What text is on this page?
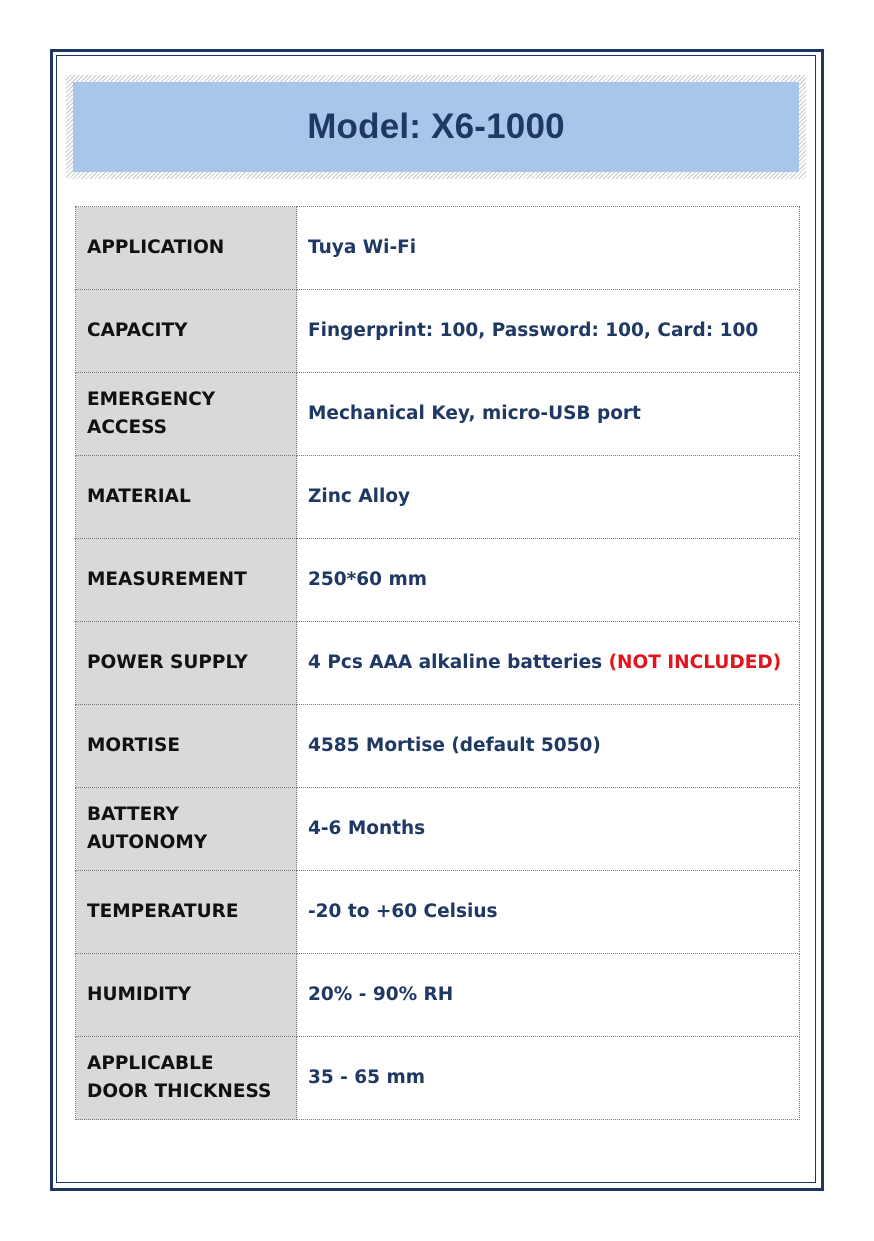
Model: X6-1000
APPLICATION	Tuya Wi-Fi
CAPACITY	Fingerprint: 100, Password: 100, Card: 100
EMERGENCY
ACCESS	Mechanical Key, micro-USB port
MATERIAL	Zinc Alloy
MEASUREMENT	250*60 mm
POWER SUPPLY	4 Pcs AAA alkaline batteries (NOT INCLUDED)
MORTISE	4585 Mortise (default 5050)
BATTERY
AUTONOMY	4-6 Months
TEMPERATURE	-20 to +60 Celsius
HUMIDITY	20% - 90% RH
APPLICABLE
DOOR THICKNESS	35 - 65 mm
